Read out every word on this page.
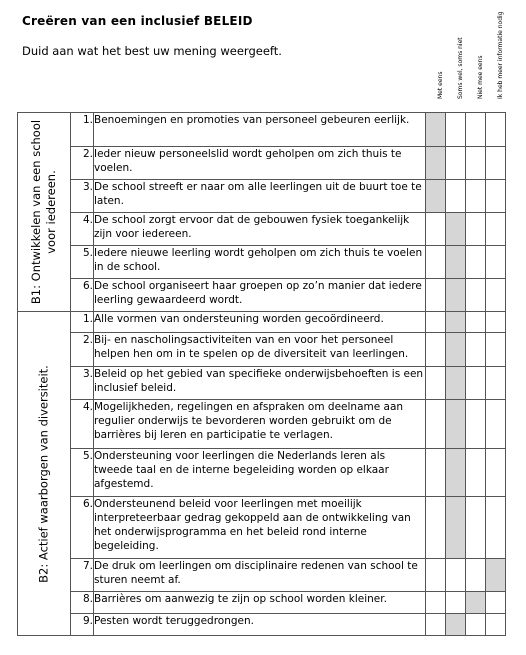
Creëren van een inclusief BELEID
Duid aan wat het best uw mening weergeeft.
Met eens Soms wel, soms niet Niet mee eens Ik heb meer informatie nodig
B1: Ontwikkelen van een school voor iedereen.	1.	Benoemingen en promoties van personeel gebeuren eerlijk.				
	2.	Ieder nieuw personeelslid wordt geholpen om zich thuis te voelen.				
	3.	De school streeft er naar om alle leerlingen uit de buurt toe te laten.				
	4.	De school zorgt ervoor dat de gebouwen fysiek toegankelijk zijn voor iedereen.				
	5.	Iedere nieuwe leerling wordt geholpen om zich thuis te voelen in de school.				
	6.	De school organiseert haar groepen op zo’n manier dat iedere leerling gewaardeerd wordt.				

B2: Actief waarborgen van diversiteit.	1.	Alle vormen van ondersteuning worden gecoördineerd.				
	2.	Bij- en nascholingsactiviteiten van en voor het personeel helpen hen om in te spelen op de diversiteit van leerlingen.				
	3.	Beleid op het gebied van specifieke onderwijsbehoeften is een inclusief beleid.				
	4.	Mogelijkheden, regelingen en afspraken om deelname aan regulier onderwijs te bevorderen worden gebruikt om de barrières bij leren en participatie te verlagen.				
	5.	Ondersteuning voor leerlingen die Nederlands leren als tweede taal en de interne begeleiding worden op elkaar afgestemd.				
	6.	Ondersteunend beleid voor leerlingen met moeilijk interpreteerbaar gedrag gekoppeld aan de ontwikkeling van het onderwijsprogramma en het beleid rond interne begeleiding.				
	7.	De druk om leerlingen om disciplinaire redenen van school te sturen neemt af.				
	8.	Barrières om aanwezig te zijn op school worden kleiner.				
	9.	Pesten wordt teruggedrongen.				
